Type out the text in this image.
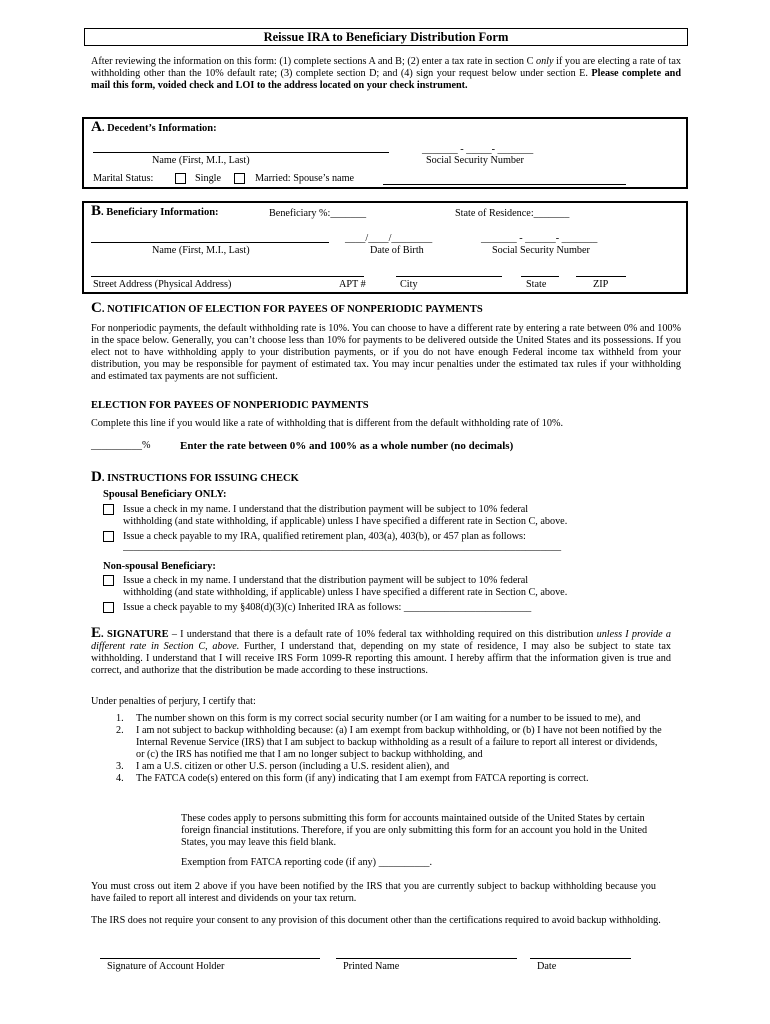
Reissue IRA to Beneficiary Distribution Form
After reviewing the information on this form: (1) complete sections A and B; (2) enter a tax rate in section C only if you are electing a rate of tax withholding other than the 10% default rate; (3) complete section D; and (4) sign your request below under section E. Please complete and mail this form, voided check and LOI to the address located on your check instrument.
A. Decedent’s Information:
_______ - _____- _______
Name (First, M.I., Last)	Social Security Number
Marital Status:	Single	Married: Spouse’s name
B. Beneficiary Information:	Beneficiary %:_______	State of Residence:_______
____/____/________	_______ - ______- _______
Name (First, M.I., Last)	Date of Birth	Social Security Number
Street Address (Physical Address)	APT #	City	State	ZIP
C. NOTIFICATION OF ELECTION FOR PAYEES OF NONPERIODIC PAYMENTS
For nonperiodic payments, the default withholding rate is 10%. You can choose to have a different rate by entering a rate between 0% and 100% in the space below. Generally, you can’t choose less than 10% for payments to be delivered outside the United States and its possessions. If you elect not to have withholding apply to your distribution payments, or if you do not have enough Federal income tax withheld from your distribution, you may be responsible for payment of estimated tax. You may incur penalties under the estimated tax rules if your withholding and estimated tax payments are not sufficient.
ELECTION FOR PAYEES OF NONPERIODIC PAYMENTS
Complete this line if you would like a rate of withholding that is different from the default withholding rate of 10%.
__________%	Enter the rate between 0% and 100% as a whole number (no decimals)
D. INSTRUCTIONS FOR ISSUING CHECK
Spousal Beneficiary ONLY:
Issue a check in my name. I understand that the distribution payment will be subject to 10% federal
withholding (and state withholding, if applicable) unless I have specified a different rate in Section C, above.
Issue a check payable to my IRA, qualified retirement plan, 403(a), 403(b), or 457 plan as follows:
______________________________________________________________________________________
Non-spousal Beneficiary:
Issue a check in my name. I understand that the distribution payment will be subject to 10% federal
withholding (and state withholding, if applicable) unless I have specified a different rate in Section C, above.
Issue a check payable to my §408(d)(3)(c) Inherited IRA as follows: _________________________
E. SIGNATURE – I understand that there is a default rate of 10% federal tax withholding required on this distribution unless I provide a different rate in Section C, above. Further, I understand that, depending on my state of residence, I may also be subject to state tax withholding. I understand that I will receive IRS Form 1099-R reporting this amount. I hereby affirm that the information given is true and correct, and authorize that the distribution be made according to these instructions.
Under penalties of perjury, I certify that:
1. The number shown on this form is my correct social security number (or I am waiting for a number to be issued to me), and
2. I am not subject to backup withholding because: (a) I am exempt from backup withholding, or (b) I have not been notified by the Internal Revenue Service (IRS) that I am subject to backup withholding as a result of a failure to report all interest or dividends, or (c) the IRS has notified me that I am no longer subject to backup withholding, and
3. I am a U.S. citizen or other U.S. person (including a U.S. resident alien), and
4. The FATCA code(s) entered on this form (if any) indicating that I am exempt from FATCA reporting is correct.
These codes apply to persons submitting this form for accounts maintained outside of the United States by certain foreign financial institutions. Therefore, if you are only submitting this form for an account you hold in the United States, you may leave this field blank.
Exemption from FATCA reporting code (if any) __________.
You must cross out item 2 above if you have been notified by the IRS that you are currently subject to backup withholding because you have failed to report all interest and dividends on your tax return.
The IRS does not require your consent to any provision of this document other than the certifications required to avoid backup withholding.
Signature of Account Holder	Printed Name	Date
